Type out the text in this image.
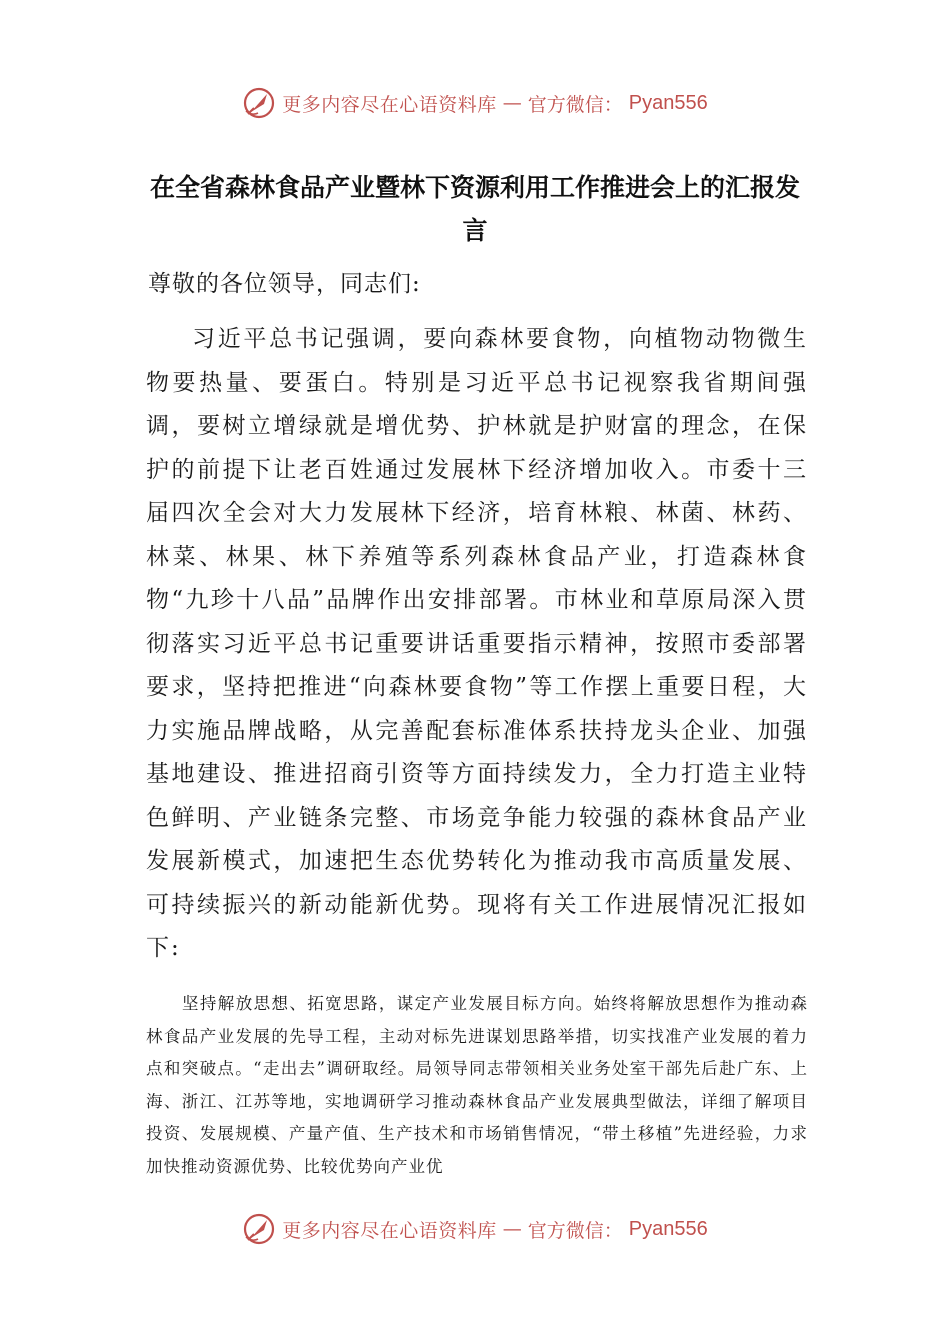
更多内容尽在心语资料库 — 官方微信： Pyan556
在全省森林食品产业暨林下资源利用工作推进会上的汇报发言

尊敬的各位领导，同志们:

习近平总书记强调，要向森林要食物，向植物动物微生物要热量、要蛋白。特别是习近平总书记视察我省期间强调，要树立增绿就是增优势、护林就是护财富的理念，在保护的前提下让老百姓通过发展林下经济增加收入。市委十三届四次全会对大力发展林下经济，培育林粮、林菌、林药、林菜、林果、林下养殖等系列森林食品产业，打造森林食物“九珍十八品”品牌作出安排部署。市林业和草原局深入贯彻落实习近平总书记重要讲话重要指示精神，按照市委部署要求，坚持把推进“向森林要食物”等工作摆上重要日程，大力实施品牌战略，从完善配套标准体系扶持龙头企业、加强基地建设、推进招商引资等方面持续发力，全力打造主业特色鲜明、产业链条完整、市场竞争能力较强的森林食品产业发展新模式，加速把生态优势转化为推动我市高质量发展、可持续振兴的新动能新优势。现将有关工作进展情况汇报如下:

坚持解放思想、拓宽思路，谋定产业发展目标方向。始终将解放思想作为推动森林食品产业发展的先导工程，主动对标先进谋划思路举措，切实找准产业发展的着力点和突破点。“走出去”调研取经。局领导同志带领相关业务处室干部先后赴广东、上海、浙江、江苏等地，实地调研学习推动森林食品产业发展典型做法，详细了解项目投资、发展规模、产量产值、生产技术和市场销售情况，“带土移植”先进经验，力求加快推动资源优势、比较优势向产业优

更多内容尽在心语资料库 — 官方微信： Pyan556
